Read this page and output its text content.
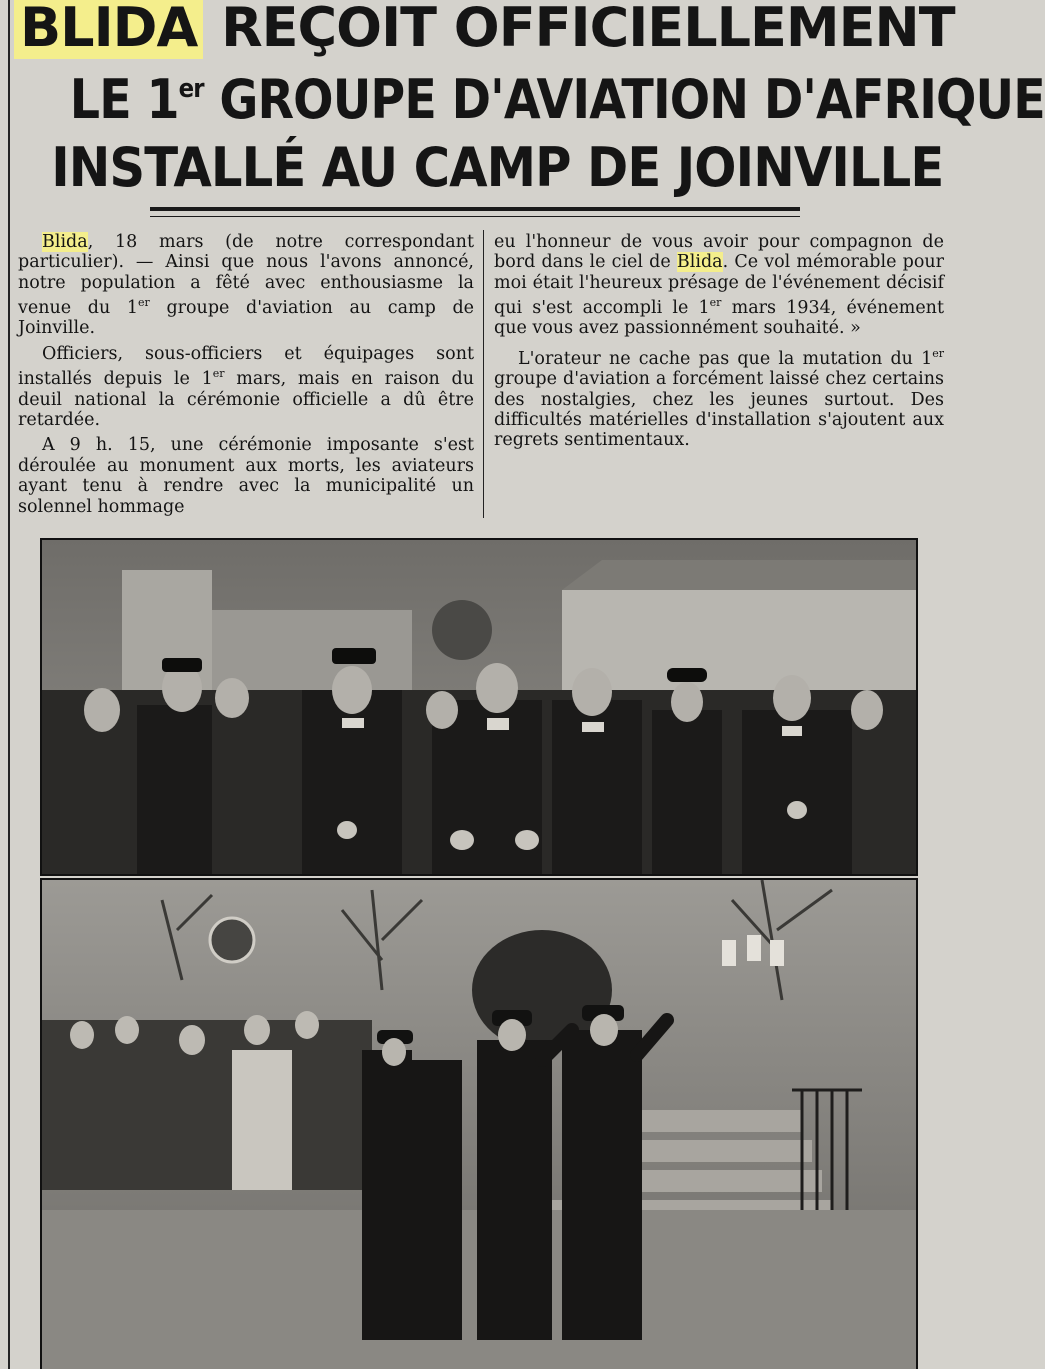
BLIDA REÇOIT OFFICIELLEMENT
LE 1er GROUPE D'AVIATION D'AFRIQUE
INSTALLÉ AU CAMP DE JOINVILLE

Blida, 18 mars (de notre correspondant particulier). — Ainsi que nous l'avons annoncé, notre population a fêté avec enthousiasme la venue du 1er groupe d'aviation au camp de Joinville.

Officiers, sous-officiers et équipages sont installés depuis le 1er mars, mais en raison du deuil national la cérémonie officielle a dû être retardée.

A 9 h. 15, une cérémonie imposante s'est déroulée au monument aux morts, les aviateurs ayant tenu à rendre avec la municipalité un solennel hommage

eu l'honneur de vous avoir pour compagnon de bord dans le ciel de Blida. Ce vol mémorable pour moi était l'heureux présage de l'événement décisif qui s'est accompli le 1er mars 1934, événement que vous avez passionnément souhaité. »

L'orateur ne cache pas que la mutation du 1er groupe d'aviation a forcément laissé chez certains des nostalgies, chez les jeunes surtout. Des difficultés matérielles d'installation s'ajoutent aux regrets sentimentaux.
